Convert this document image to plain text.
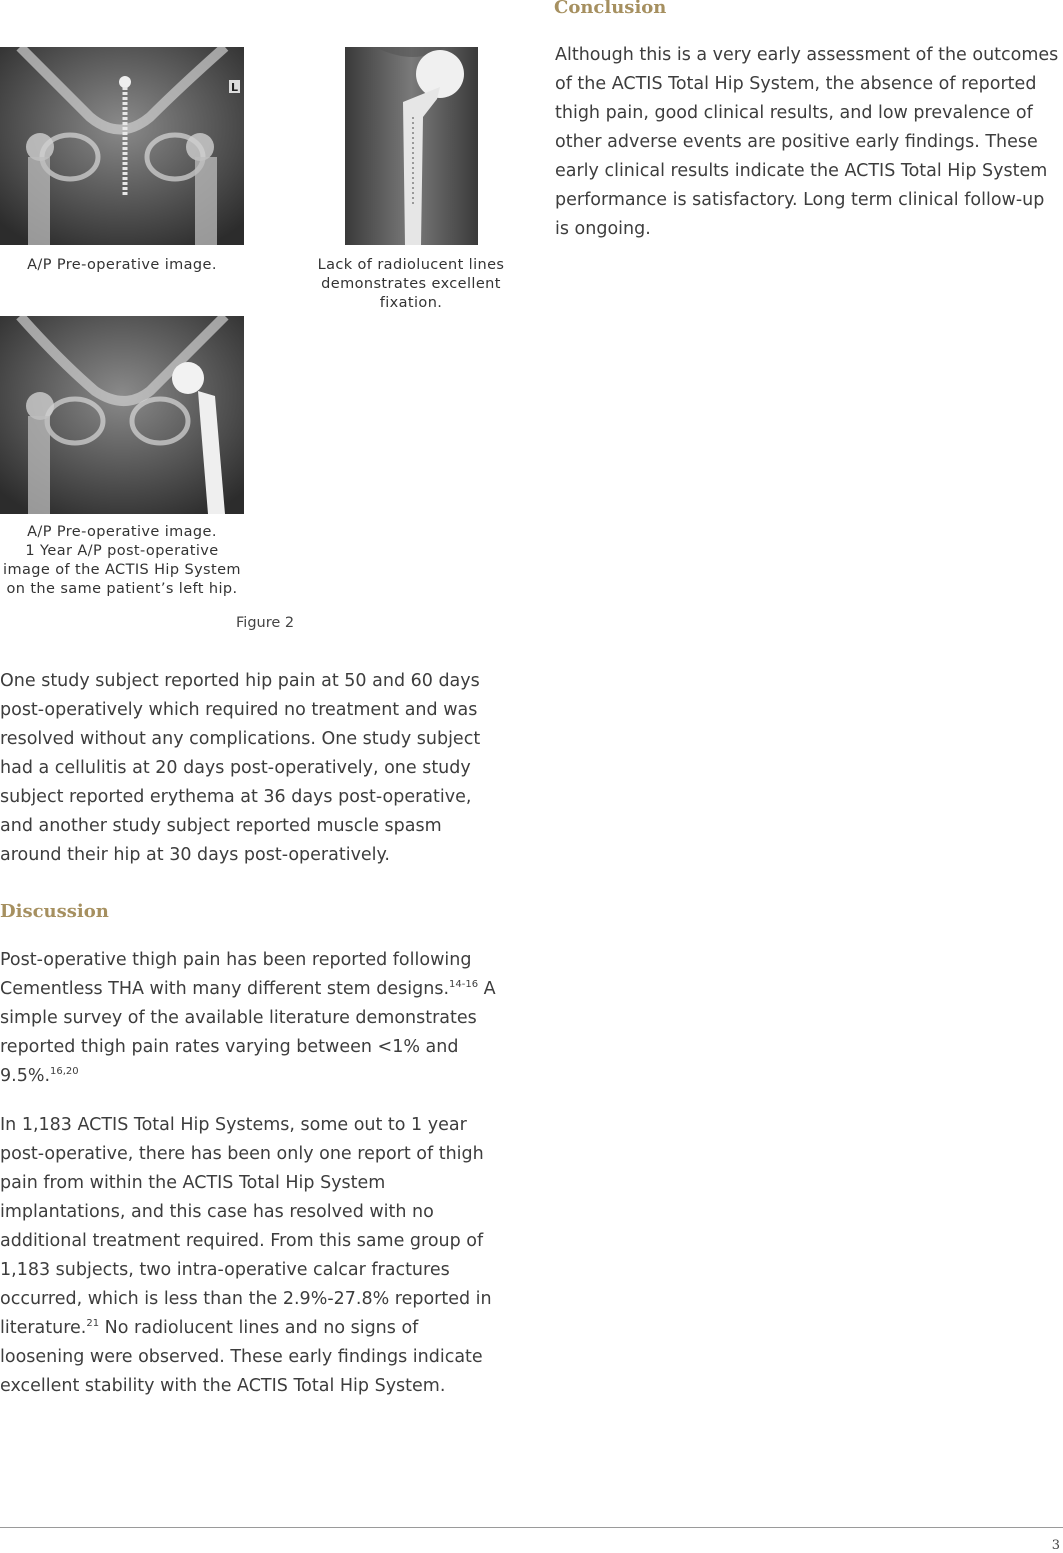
L
A/P Pre-operative image.	Lack of radiolucent lines demonstrates excellent fixation.
A/P Pre-operative image.
1 Year A/P post-operative image of the ACTIS Hip System on the same patient’s left hip.
Figure 2

One study subject reported hip pain at 50 and 60 days post-operatively which required no treatment and was resolved without any complications. One study subject had a cellulitis at 20 days post-operatively, one study subject reported erythema at 36 days post-operative, and another study subject reported muscle spasm around their hip at 30 days post-operatively.

Discussion

Post-operative thigh pain has been reported following Cementless THA with many different stem designs.$^{14-16}$ A simple survey of the available literature demonstrates reported thigh pain rates varying between <1% and 9.5%.$^{16,20}$

In 1,183 ACTIS Total Hip Systems, some out to 1 year post-operative, there has been only one report of thigh pain from within the ACTIS Total Hip System implantations, and this case has resolved with no additional treatment required. From this same group of 1,183 subjects, two intra-operative calcar fractures occurred, which is less than the 2.9%-27.8% reported in literature.$^{21}$ No radiolucent lines and no signs of loosening were observed. These early findings indicate excellent stability with the ACTIS Total Hip System.

Conclusion

Although this is a very early assessment of the outcomes of the ACTIS Total Hip System, the absence of reported thigh pain, good clinical results, and low prevalence of other adverse events are positive early findings. These early clinical results indicate the ACTIS Total Hip System performance is satisfactory. Long term clinical follow-up is ongoing.

3
